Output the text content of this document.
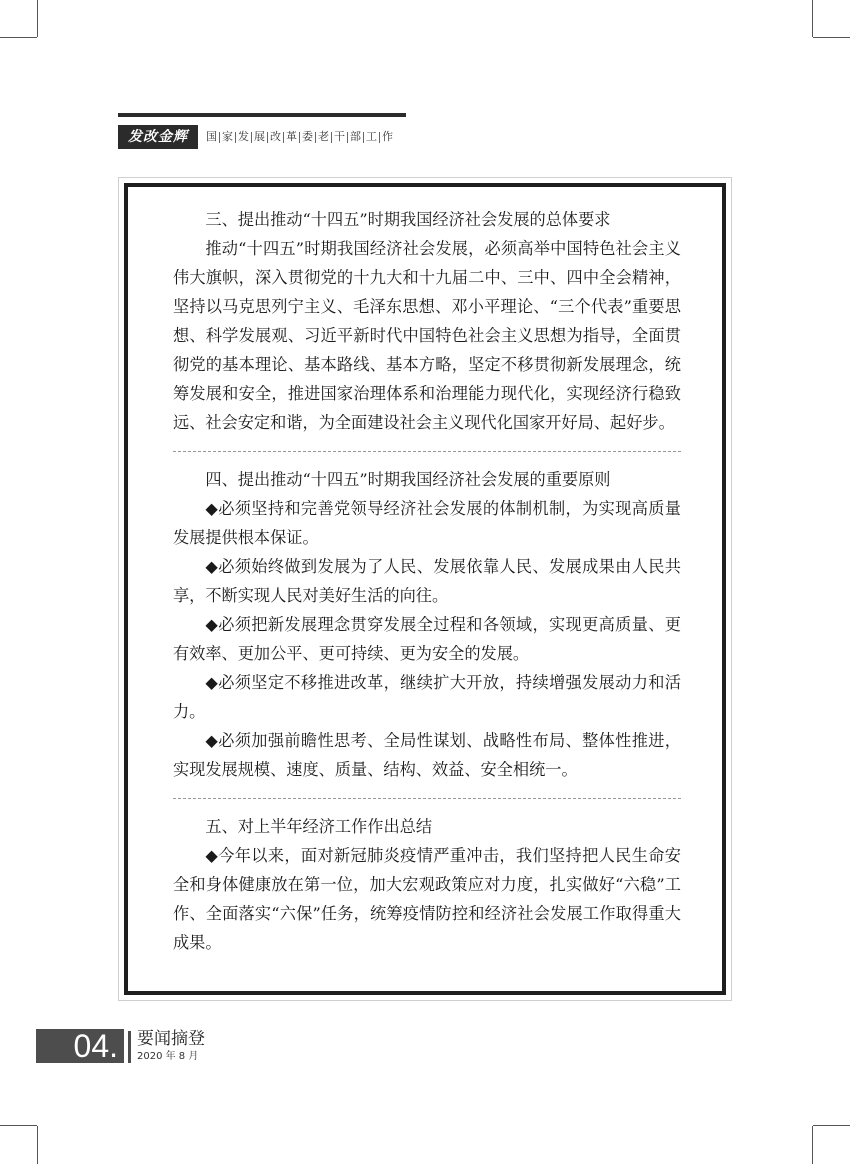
发改金辉	国 家 发 展 改 革 委 老 干 部 工 作
三、提出推动“十四五”时期我国经济社会发展的总体要求

推动“十四五”时期我国经济社会发展，必须高举中国特色社会主义伟大旗帜，深入贯彻党的十九大和十九届二中、三中、四中全会精神，坚持以马克思列宁主义、毛泽东思想、邓小平理论、“三个代表”重要思想、科学发展观、习近平新时代中国特色社会主义思想为指导，全面贯彻党的基本理论、基本路线、基本方略，坚定不移贯彻新发展理念，统筹发展和安全，推进国家治理体系和治理能力现代化，实现经济行稳致远、社会安定和谐，为全面建设社会主义现代化国家开好局、起好步。

四、提出推动“十四五”时期我国经济社会发展的重要原则

◆必须坚持和完善党领导经济社会发展的体制机制，为实现高质量发展提供根本保证。

◆必须始终做到发展为了人民、发展依靠人民、发展成果由人民共享，不断实现人民对美好生活的向往。

◆必须把新发展理念贯穿发展全过程和各领域，实现更高质量、更有效率、更加公平、更可持续、更为安全的发展。

◆必须坚定不移推进改革，继续扩大开放，持续增强发展动力和活力。

◆必须加强前瞻性思考、全局性谋划、战略性布局、整体性推进，实现发展规模、速度、质量、结构、效益、安全相统一。

五、对上半年经济工作作出总结

◆今年以来，面对新冠肺炎疫情严重冲击，我们坚持把人民生命安全和身体健康放在第一位，加大宏观政策应对力度，扎实做好“六稳”工作、全面落实“六保”任务，统筹疫情防控和经济社会发展工作取得重大成果。

04.	要闻摘登
2020 年 8 月
